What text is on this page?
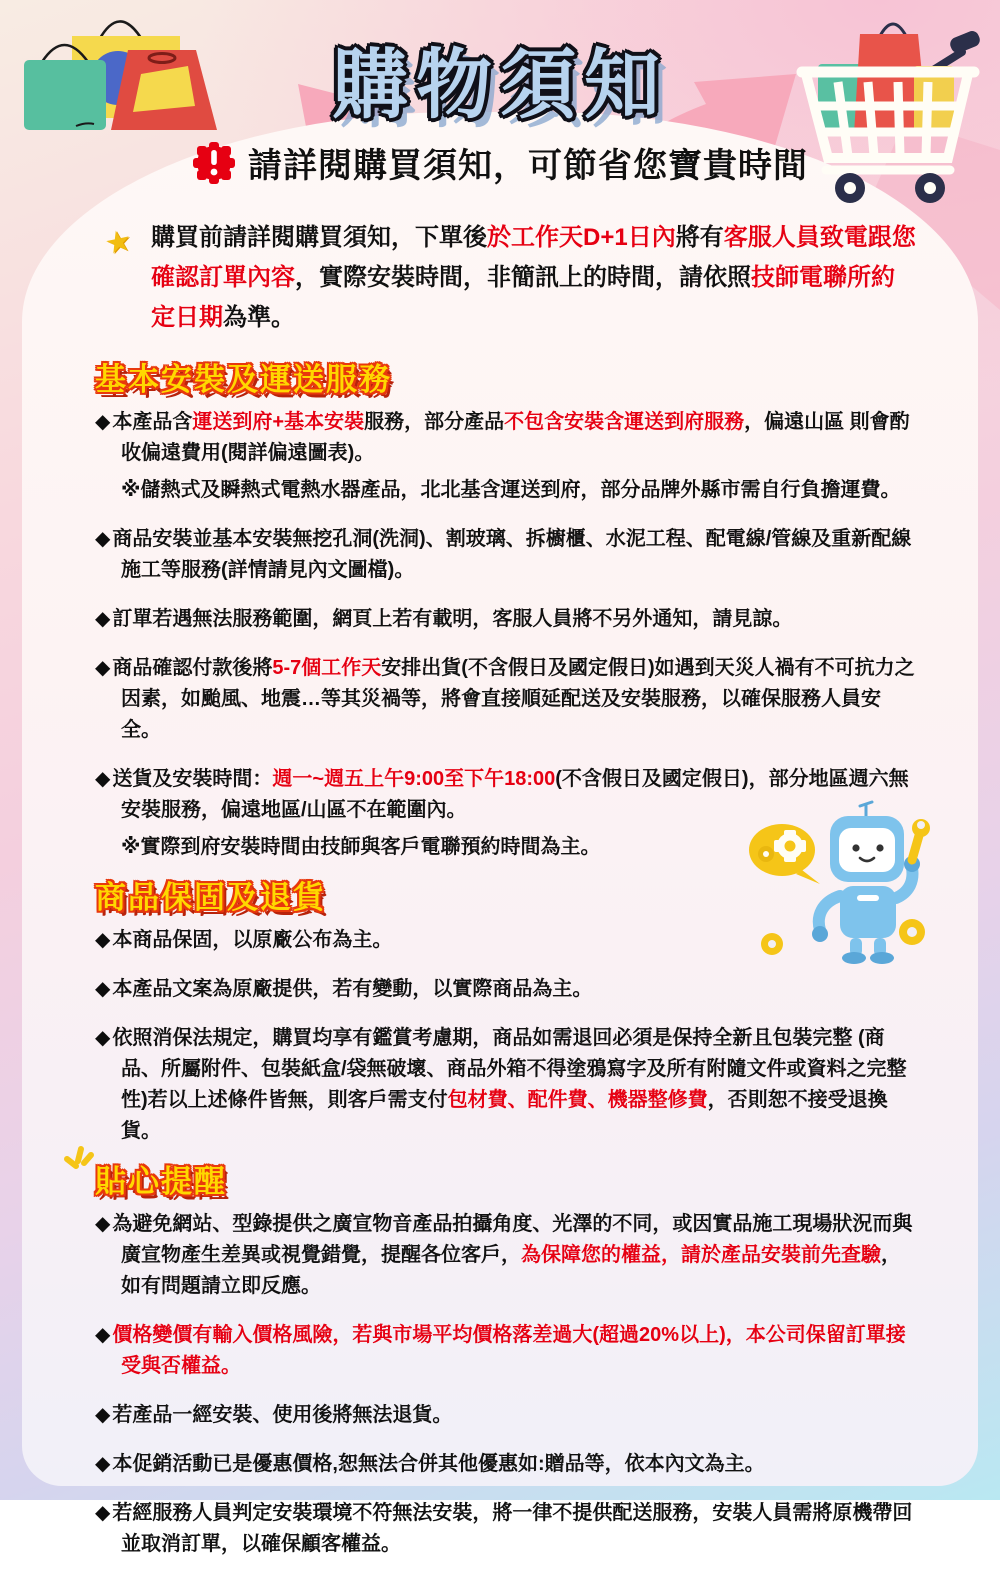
購物須知
請詳閱購買須知，可節省您寶貴時間

★ 購買前請詳閱購買須知，下單後於工作天D+1日內將有客服人員致電跟您確認訂單內容，實際安裝時間，非簡訊上的時間，請依照技師電聯所約定日期為準。

基本安裝及運送服務

◆ 本產品含運送到府+基本安裝服務，部分產品不包含安裝含運送到府服務，偏遠山區 則會酌收偏遠費用(閱詳偏遠圖表)。

※儲熱式及瞬熱式電熱水器產品，北北基含運送到府，部分品牌外縣市需自行負擔運費。

◆ 商品安裝並基本安裝無挖孔洞(洗洞)、割玻璃、拆櫥櫃、水泥工程、配電線/管線及重新配線施工等服務(詳情請見內文圖檔)。

◆ 訂單若遇無法服務範圍，網頁上若有載明，客服人員將不另外通知，請見諒。

◆ 商品確認付款後將5-7個工作天安排出貨(不含假日及國定假日)如遇到天災人禍有不可抗力之因素，如颱風、地震…等其災禍等，將會直接順延配送及安裝服務，以確保服務人員安全。

◆ 送貨及安裝時間：週一~週五上午9:00至下午18:00(不含假日及國定假日)，部分地區週六無安裝服務，偏遠地區/山區不在範圍內。

※實際到府安裝時間由技師與客戶電聯預約時間為主。

商品保固及退貨

◆ 本商品保固，以原廠公布為主。

◆ 本產品文案為原廠提供，若有變動，以實際商品為主。

◆ 依照消保法規定，購買均享有鑑賞考慮期，商品如需退回必須是保持全新且包裝完整 (商品、所屬附件、包裝紙盒/袋無破壞、商品外箱不得塗鴉寫字及所有附隨文件或資料之完整性)若以上述條件皆無，則客戶需支付包材費、配件費、機器整修費，否則恕不接受退換貨。

貼心提醒

◆ 為避免網站、型錄提供之廣宣物音產品拍攝角度、光澤的不同，或因實品施工現場狀況而與廣宣物產生差異或視覺錯覺，提醒各位客戶，為保障您的權益，請於產品安裝前先查驗，如有問題請立即反應。

◆ 價格變價有輸入價格風險，若與市場平均價格落差過大(超過20%以上)，本公司保留訂單接受與否權益。

◆ 若產品一經安裝、使用後將無法退貨。

◆ 本促銷活動已是優惠價格,恕無法合併其他優惠如:贈品等，依本內文為主。

◆ 若經服務人員判定安裝環境不符無法安裝，將一律不提供配送服務，安裝人員需將原機帶回並取消訂單，以確保顧客權益。
